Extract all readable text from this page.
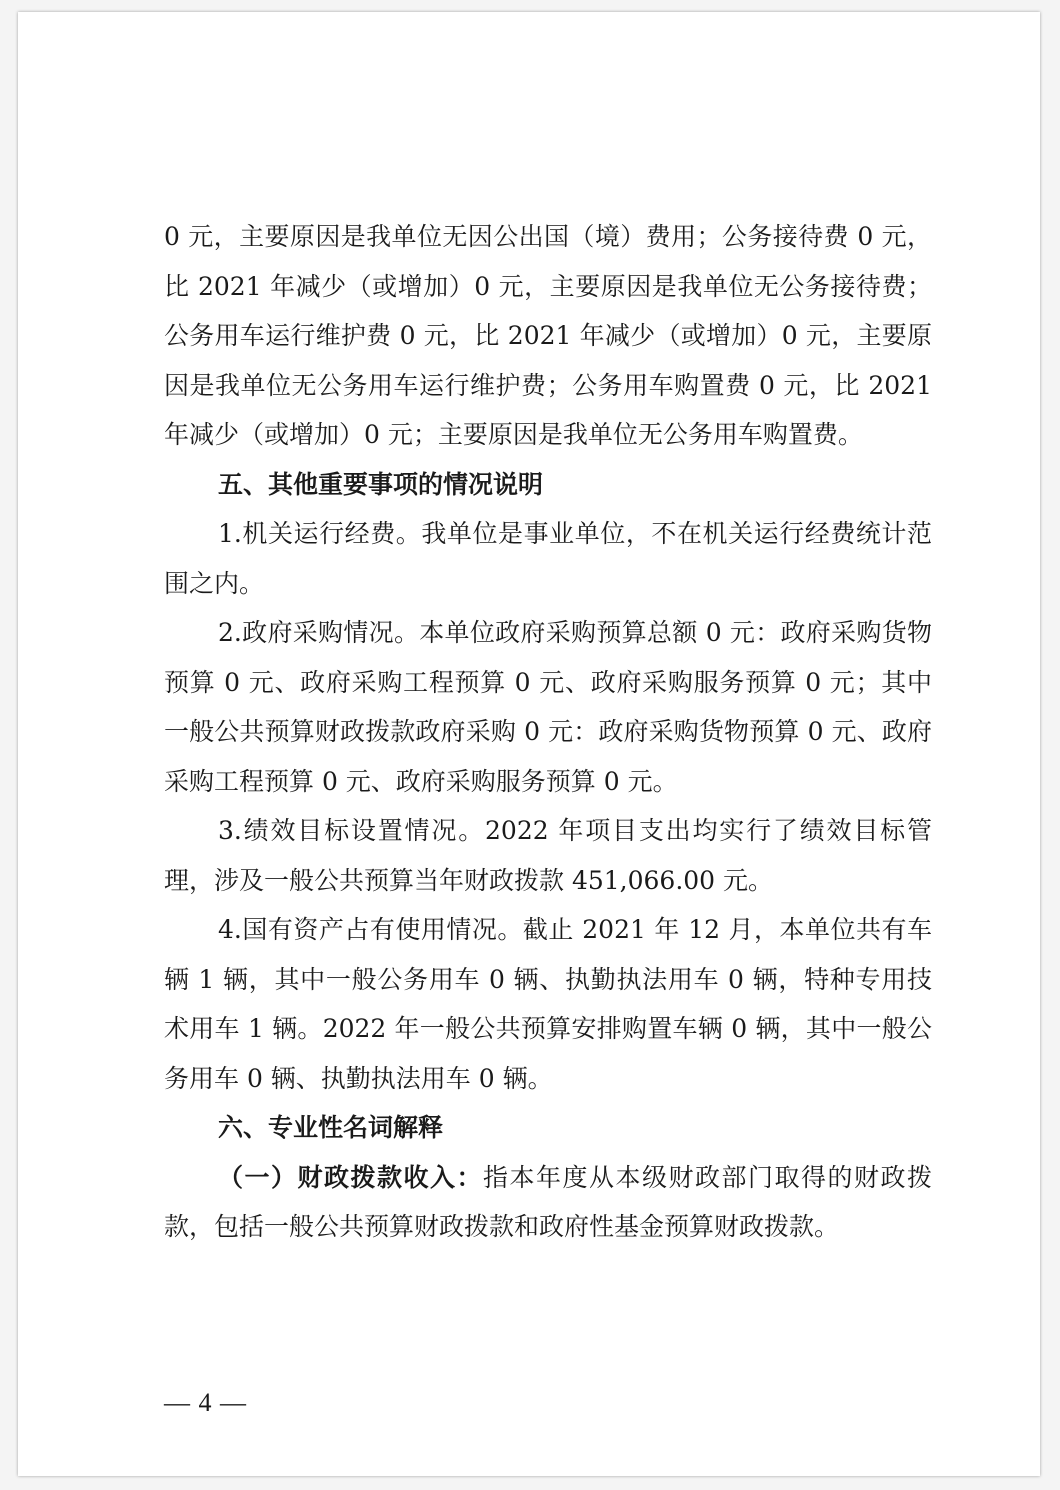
0 元，主要原因是我单位无因公出国（境）费用；公务接待费 0 元，比 2021 年减少（或增加）0 元，主要原因是我单位无公务接待费；公务用车运行维护费 0 元，比 2021 年减少（或增加）0 元，主要原因是我单位无公务用车运行维护费；公务用车购置费 0 元，比 2021 年减少（或增加）0 元；主要原因是我单位无公务用车购置费。

五、其他重要事项的情况说明

1.机关运行经费。我单位是事业单位，不在机关运行经费统计范围之内。

2.政府采购情况。本单位政府采购预算总额 0 元：政府采购货物预算 0 元、政府采购工程预算 0 元、政府采购服务预算 0 元；其中一般公共预算财政拨款政府采购 0 元：政府采购货物预算 0 元、政府采购工程预算 0 元、政府采购服务预算 0 元。

3.绩效目标设置情况。2022 年项目支出均实行了绩效目标管理，涉及一般公共预算当年财政拨款 451,066.00 元。

4.国有资产占有使用情况。截止 2021 年 12 月，本单位共有车辆 1 辆，其中一般公务用车 0 辆、执勤执法用车 0 辆，特种专用技术用车 1 辆。2022 年一般公共预算安排购置车辆 0 辆，其中一般公务用车 0 辆、执勤执法用车 0 辆。

六、专业性名词解释

（一）财政拨款收入：指本年度从本级财政部门取得的财政拨款，包括一般公共预算财政拨款和政府性基金预算财政拨款。

— 4 —
